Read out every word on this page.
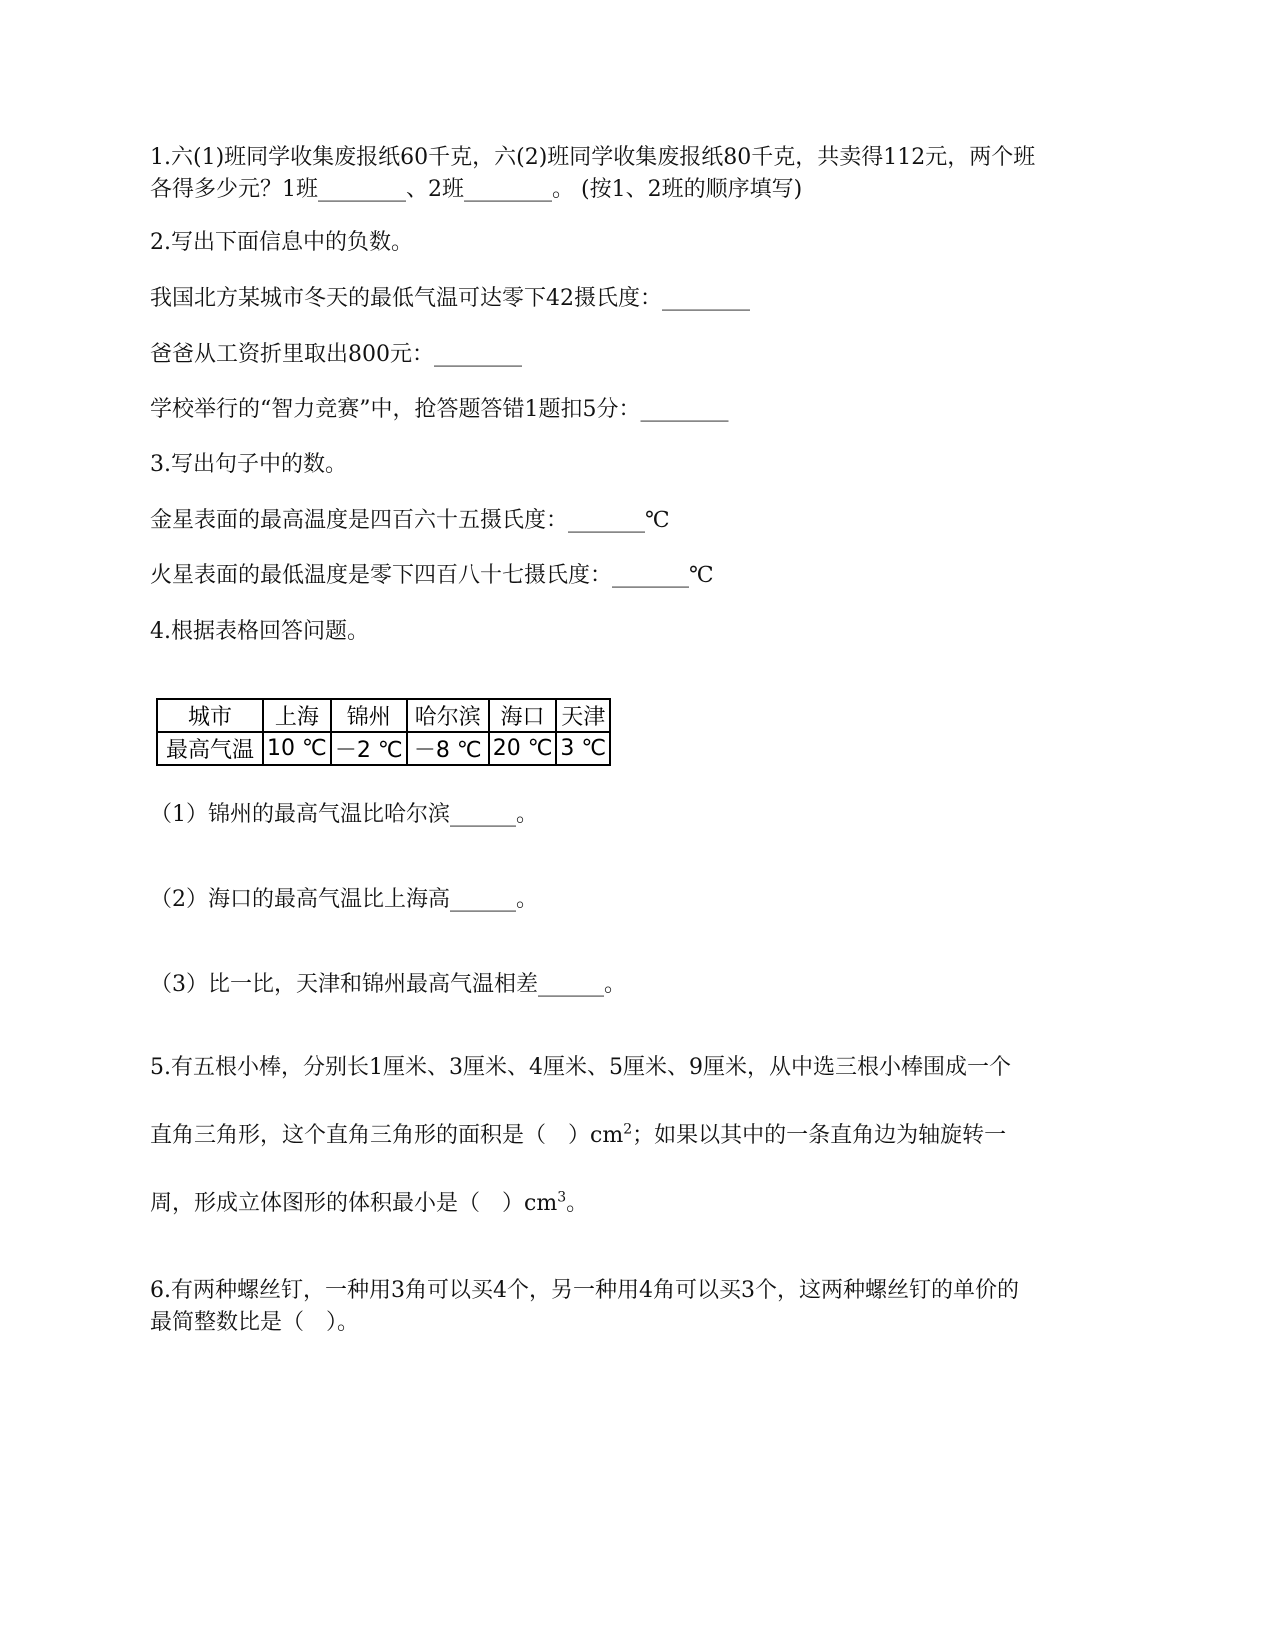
1.六(1)班同学收集废报纸60千克，六(2)班同学收集废报纸80千克，共卖得112元，两个班
各得多少元？1班________、2班________。 (按1、2班的顺序填写)
2.写出下面信息中的负数。
我国北方某城市冬天的最低气温可达零下42摄氏度：________
爸爸从工资折里取出800元：________
学校举行的“智力竞赛”中，抢答题答错1题扣5分：________
3.写出句子中的数。
金星表面的最高温度是四百六十五摄氏度：_______℃
火星表面的最低温度是零下四百八十七摄氏度：_______℃
4.根据表格回答问题。
城市	上海	锦州	哈尔滨	海口	天津
最高气温	10 ℃	－2 ℃	－8 ℃	20 ℃	3 ℃
（1）锦州的最高气温比哈尔滨______。
（2）海口的最高气温比上海高______。
（3）比一比，天津和锦州最高气温相差______。
5.有五根小棒，分别长1厘米、3厘米、4厘米、5厘米、9厘米，从中选三根小棒围成一个
直角三角形，这个直角三角形的面积是（　）$cm^2$；如果以其中的一条直角边为轴旋转一
周，形成立体图形的体积最小是（　）$cm^3$。
6.有两种螺丝钉，一种用3角可以买4个，另一种用4角可以买3个，这两种螺丝钉的单价的
最简整数比是（　）。
